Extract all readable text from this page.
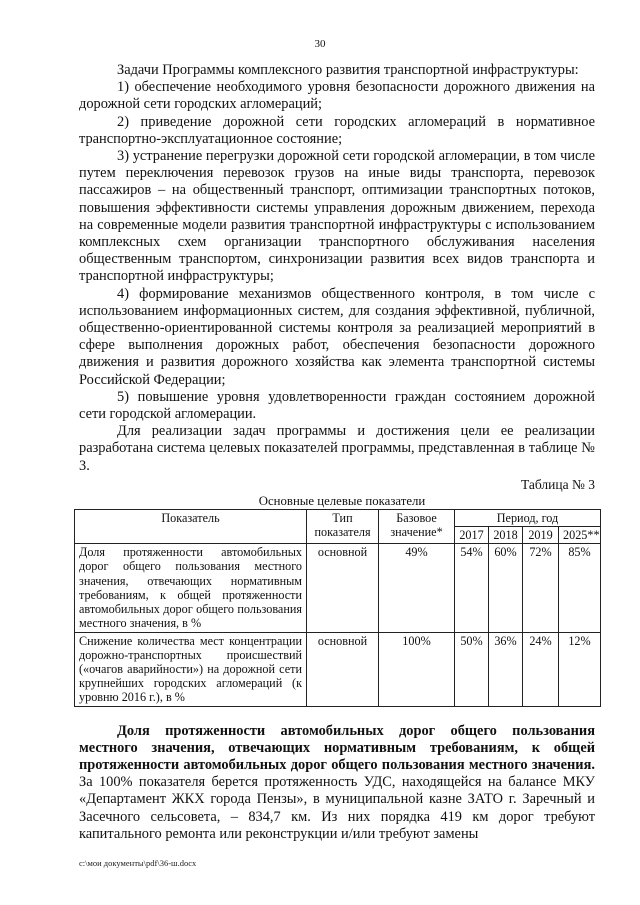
30

Задачи Программы комплексного развития транспортной инфраструктуры:

1) обеспечение необходимого уровня безопасности дорожного движения на дорожной сети городских агломераций;

2) приведение дорожной сети городских агломераций в нормативное транспортно-эксплуатационное состояние;

3) устранение перегрузки дорожной сети городской агломерации, в том числе путем переключения перевозок грузов на иные виды транспорта, перевозок пассажиров – на общественный транспорт, оптимизации транспортных потоков, повышения эффективности системы управления дорожным движением, перехода на современные модели развития транспортной инфраструктуры с использованием комплексных схем организации транспортного обслуживания населения общественным транспортом, синхронизации развития всех видов транспорта и транспортной инфраструктуры;

4) формирование механизмов общественного контроля, в том числе с использованием информационных систем, для создания эффективной, публичной, общественно-ориентированной системы контроля за реализацией мероприятий в сфере выполнения дорожных работ, обеспечения безопасности дорожного движения и развития дорожного хозяйства как элемента транспортной системы Российской Федерации;

5) повышение уровня удовлетворенности граждан состоянием дорожной сети городской агломерации.

Для реализации задач программы и достижения цели ее реализации разработана система целевых показателей программы, представленная в таблице № 3.

Таблица № 3
Основные целевые показатели
Показатель	Тип показателя	Базовое значение*	Период, год			
			2017	2018	2019	2025**
Доля протяженности автомобильных дорог общего пользования местного значения, отвечающих нормативным требованиям, к общей протяженности автомобильных дорог общего пользования местного значения, в %	основной	49%	54%	60%	72%	85%
Снижение количества мест концентрации дорожно-транспортных происшествий («очагов аварийности») на дорожной сети крупнейших городских агломераций (к уровню 2016 г.), в %	основной	100%	50%	36%	24%	12%

Доля протяженности автомобильных дорог общего пользования местного значения, отвечающих нормативным требованиям, к общей протяженности автомобильных дорог общего пользования местного значения. За 100% показателя берется протяженность УДС, находящейся на балансе МКУ «Департамент ЖКХ города Пензы», в муниципальной казне ЗАТО г. Заречный и Засечного сельсовета, – 834,7 км. Из них порядка 419 км дорог требуют капитального ремонта или реконструкции и/или требуют замены

c:\мои документы\pdf\36-ш.docx
